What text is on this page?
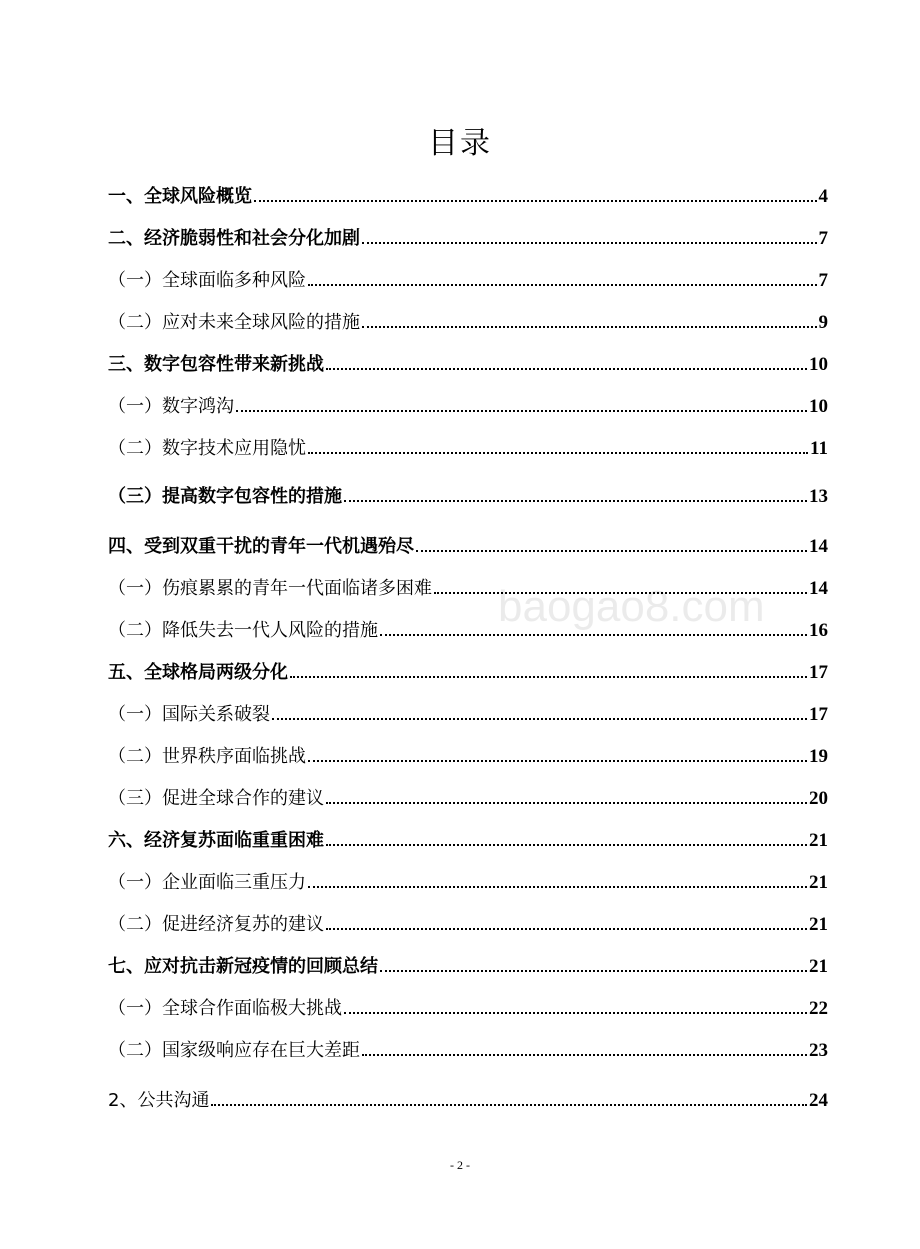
目录
一、全球风险概览	4
二、经济脆弱性和社会分化加剧	7
（一）全球面临多种风险	7
（二）应对未来全球风险的措施	9
三、数字包容性带来新挑战	10
（一）数字鸿沟	10
（二）数字技术应用隐忧	11
（三）提高数字包容性的措施	13
四、受到双重干扰的青年一代机遇殆尽	14
（一）伤痕累累的青年一代面临诸多困难	14
（二）降低失去一代人风险的措施	16
五、全球格局两级分化	17
（一）国际关系破裂	17
（二）世界秩序面临挑战	19
（三）促进全球合作的建议	20
六、经济复苏面临重重困难	21
（一）企业面临三重压力	21
（二）促进经济复苏的建议	21
七、应对抗击新冠疫情的回顾总结	21
（一）全球合作面临极大挑战	22
（二）国家级响应存在巨大差距	23
2、公共沟通	24
baogao8.com
- 2 -
